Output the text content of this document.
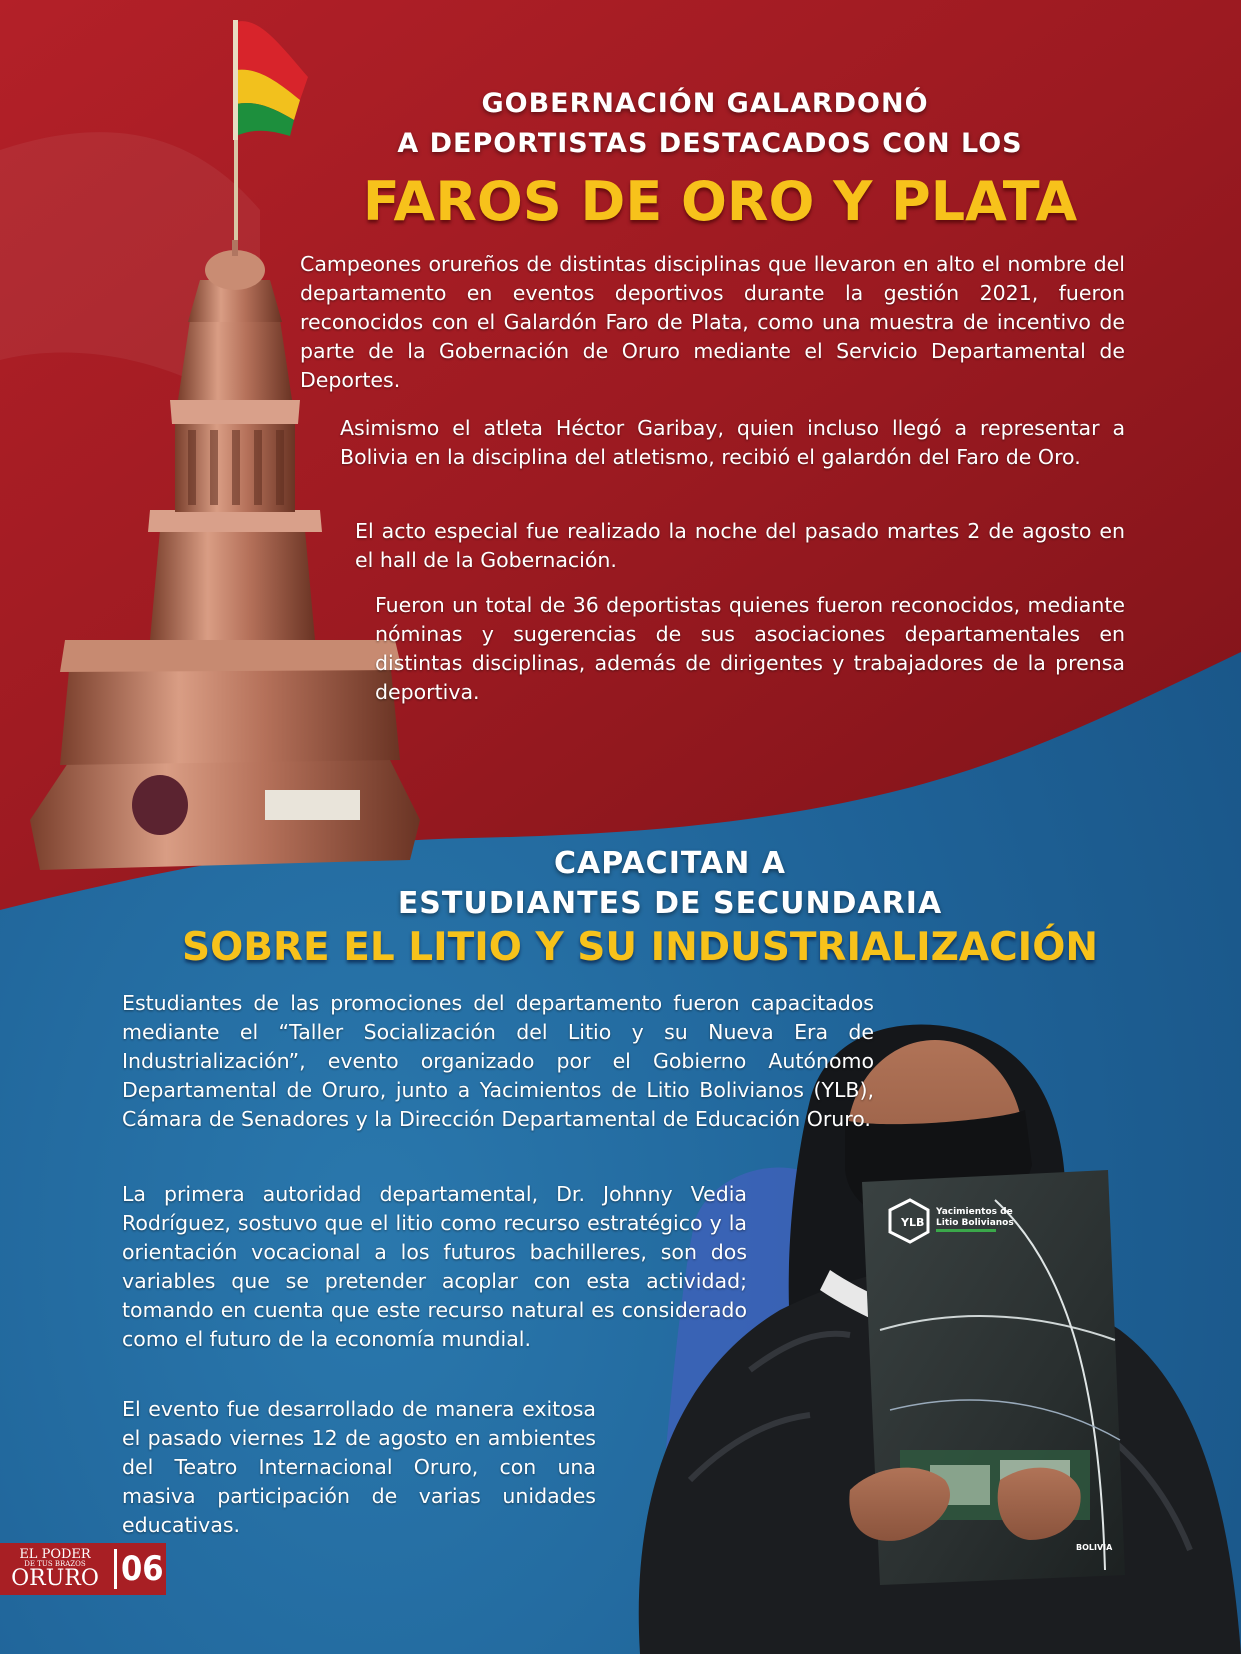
GOBERNACIÓN GALARDONÓ
A DEPORTISTAS DESTACADOS CON LOS
FAROS DE ORO Y PLATA

Campeones orureños de distintas disciplinas que llevaron en alto el nombre del departamento en eventos deportivos durante la gestión 2021, fueron reconocidos con el Galardón Faro de Plata, como una muestra de incentivo de parte de la Gobernación de Oruro mediante el Servicio Departamental de Deportes.

Asimismo el atleta Héctor Garibay, quien incluso llegó a representar a Bolivia en la disciplina del atletismo, recibió el galardón del Faro de Oro.

El acto especial fue realizado la noche del pasado martes 2 de agosto en el hall de la Gobernación.

Fueron un total de 36 deportistas quienes fueron reconocidos, mediante nóminas y sugerencias de sus asociaciones departamentales en distintas disciplinas, además de dirigentes y trabajadores de la prensa deportiva.

YLB
Yacimientos de
Litio Bolivianos
BOLIVIA
CAPACITAN A
ESTUDIANTES DE SECUNDARIA
SOBRE EL LITIO Y SU INDUSTRIALIZACIÓN

Estudiantes de las promociones del departamento fueron capacitados mediante el “Taller Socialización del Litio y su Nueva Era de Industrialización”, evento organizado por el Gobierno Autónomo Departamental de Oruro, junto a Yacimientos de Litio Bolivianos (YLB), Cámara de Senadores y la Dirección Departamental de Educación Oruro.

La primera autoridad departamental, Dr. Johnny Vedia Rodríguez, sostuvo que el litio como recurso estratégico y la orientación vocacional a los futuros bachilleres, son dos variables que se pretender acoplar con esta actividad; tomando en cuenta que este recurso natural es considerado como el futuro de la economía mundial.

El evento fue desarrollado de manera exitosa el pasado viernes 12 de agosto en ambientes del Teatro Internacional Oruro, con una masiva participación de varias unidades educativas.

EL PODER
DE TUS BRAZOS
ORURO 06
